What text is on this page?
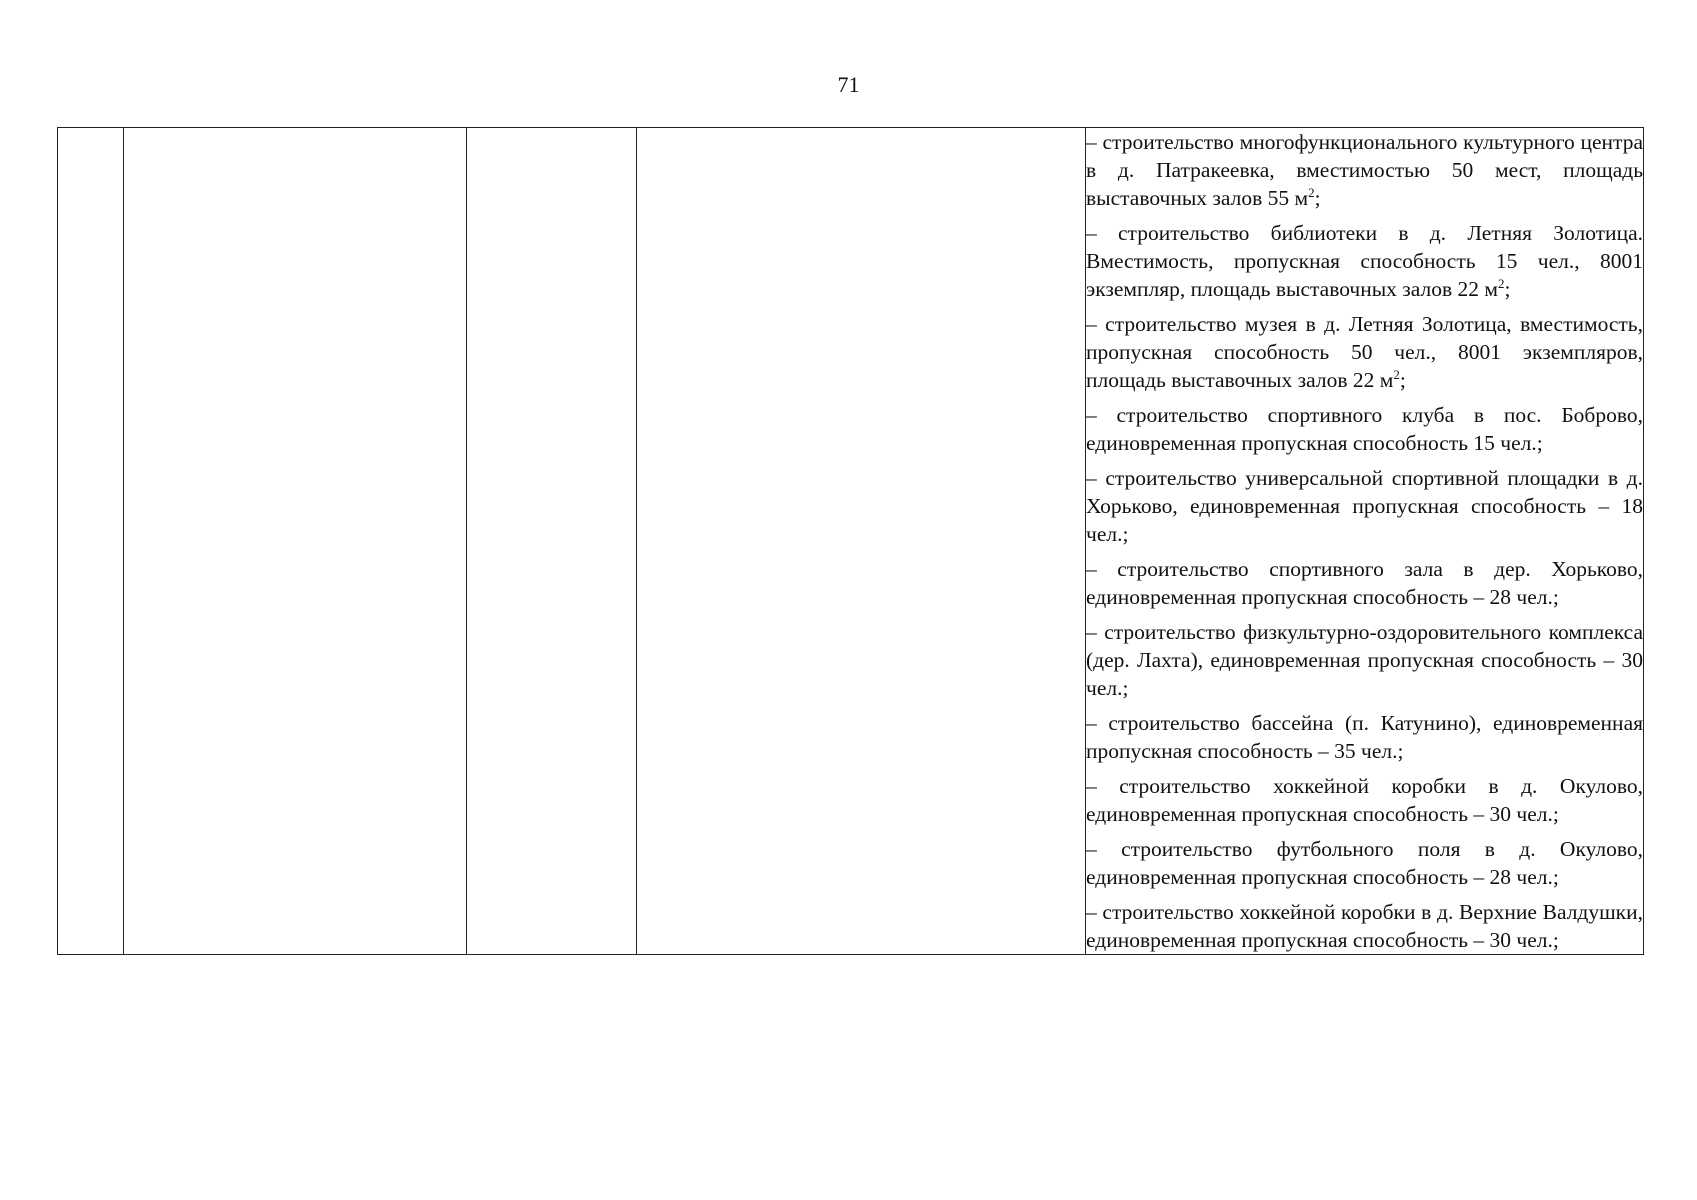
71

– строительство многофункционального культурного центра в д. Патракеевка, вместимостью 50 мест, площадь выставочных залов 55 $м^2$;
– строительство библиотеки в д. Летняя Золотица. Вместимость, пропускная способность 15 чел., 8001 экземпляр, площадь выставочных залов 22 $м^2$;
– строительство музея в д. Летняя Золотица, вместимость, пропускная способность 50 чел., 8001 экземпляров, площадь выставочных залов 22 $м^2$;
– строительство спортивного клуба в пос. Боброво, единовременная пропускная способность 15 чел.;
– строительство универсальной спортивной площадки в д. Хорьково, единовременная пропускная способность – 18 чел.;
– строительство спортивного зала в дер. Хорьково, единовременная пропускная способность – 28 чел.;
– строительство физкультурно-оздоровительного комплекса (дер. Лахта), единовременная пропускная способность – 30 чел.;
– строительство бассейна (п. Катунино), единовременная пропускная способность – 35 чел.;
– строительство хоккейной коробки в д. Окулово, единовременная пропускная способность – 30 чел.;
– строительство футбольного поля в д. Окулово, единовременная пропускная способность – 28 чел.;
– строительство хоккейной коробки в д. Верхние Валдушки, единовременная пропускная способность – 30 чел.;
